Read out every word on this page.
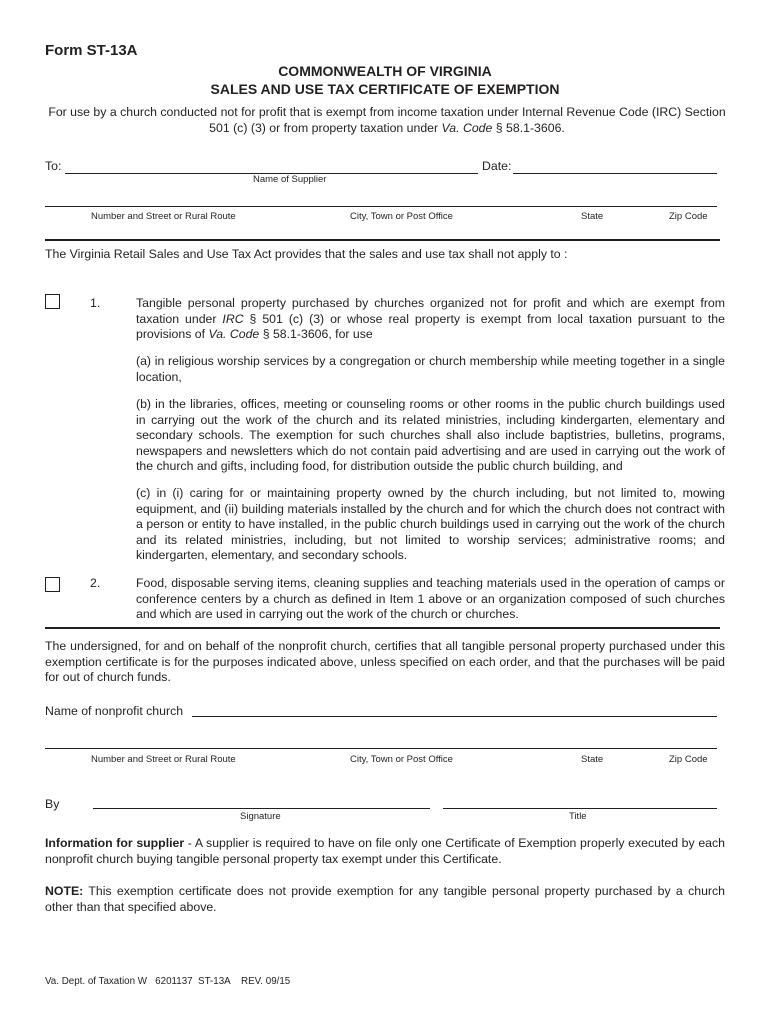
Form ST-13A
COMMONWEALTH OF VIRGINIA
SALES AND USE TAX CERTIFICATE OF EXEMPTION
For use by a church conducted not for profit that is exempt from income taxation under Internal Revenue Code (IRC) Section 501 (c) (3) or from property taxation under Va. Code § 58.1-3606.
To:	Date:
Name of Supplier
Number and Street or Rural Route	City, Town or Post Office	State	Zip Code
The Virginia Retail Sales and Use Tax Act provides that the sales and use tax shall not apply to :
1.	Tangible personal property purchased by churches organized not for profit and which are exempt from taxation under IRC § 501 (c) (3) or whose real property is exempt from local taxation pursuant to the provisions of Va. Code § 58.1-3606, for use
(a) in religious worship services by a congregation or church membership while meeting together in a single location,
(b) in the libraries, offices, meeting or counseling rooms or other rooms in the public church buildings used in carrying out the work of the church and its related ministries, including kindergarten, elementary and secondary schools. The exemption for such churches shall also include baptistries, bulletins, programs, newspapers and newsletters which do not contain paid advertising and are used in carrying out the work of the church and gifts, including food, for distribution outside the public church building, and
(c) in (i) caring for or maintaining property owned by the church including, but not limited to, mowing equipment, and (ii) building materials installed by the church and for which the church does not contract with a person or entity to have installed, in the public church buildings used in carrying out the work of the church and its related ministries, including, but not limited to worship services; administrative rooms; and kindergarten, elementary, and secondary schools.
2.	Food, disposable serving items, cleaning supplies and teaching materials used in the operation of camps or conference centers by a church as defined in Item 1 above or an organization composed of such churches and which are used in carrying out the work of the church or churches.
The undersigned, for and on behalf of the nonprofit church, certifies that all tangible personal property purchased under this exemption certificate is for the purposes indicated above, unless specified on each order, and that the purchases will be paid for out of church funds.
Name of nonprofit church
Number and Street or Rural Route	City, Town or Post Office	State	Zip Code
By
Signature	Title
Information for supplier - A supplier is required to have on file only one Certificate of Exemption properly executed by each nonprofit church buying tangible personal property tax exempt under this Certificate.
NOTE: This exemption certificate does not provide exemption for any tangible personal property purchased by a church other than that specified above.
Va. Dept. of Taxation W   6201137  ST-13A    REV. 09/15
